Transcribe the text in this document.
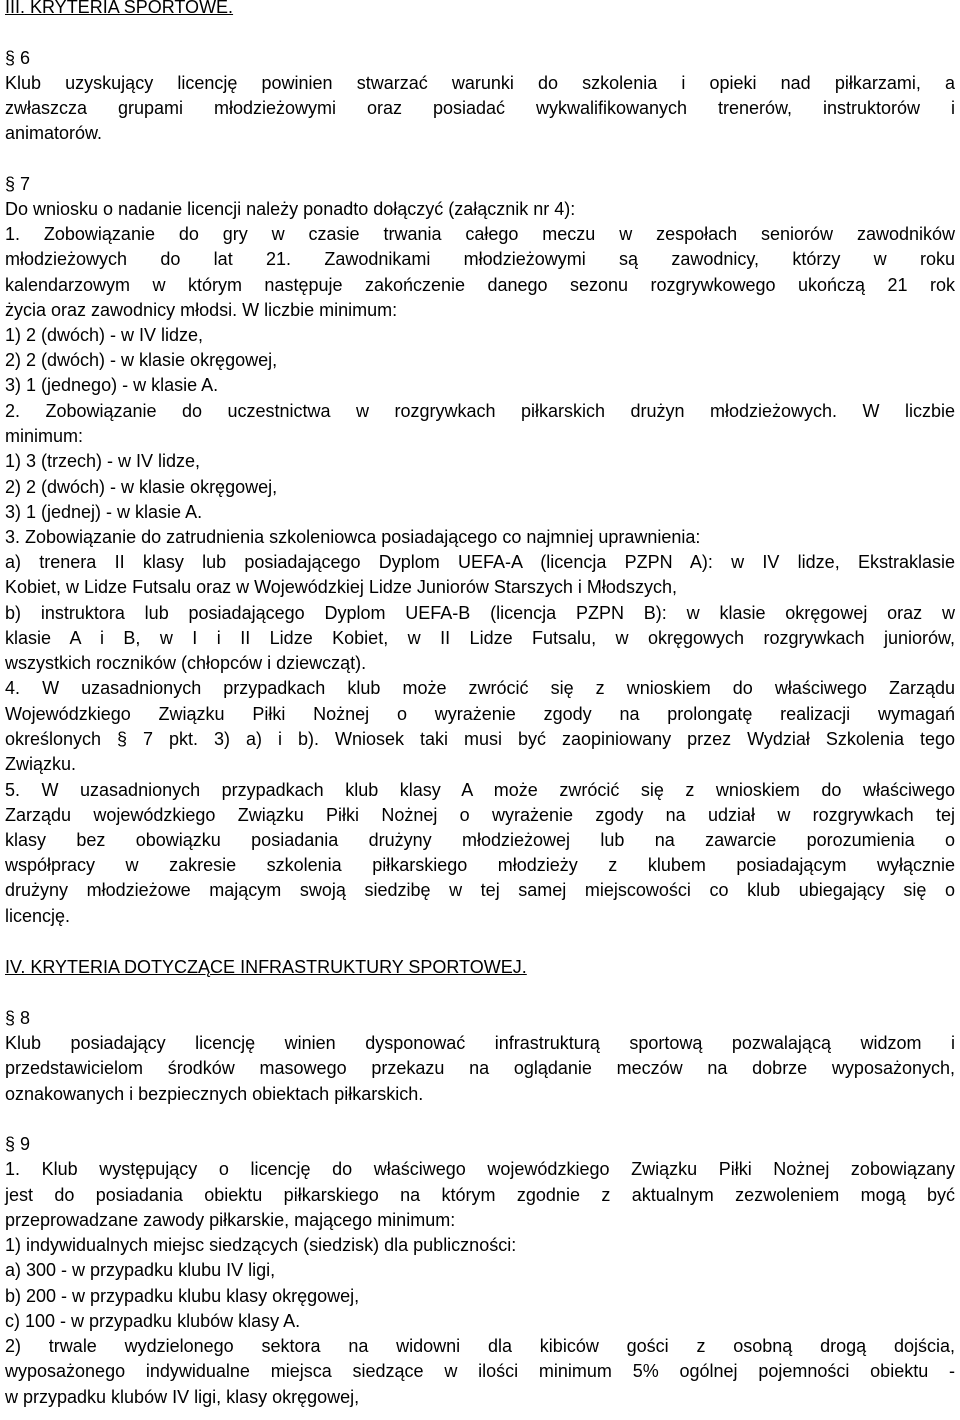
III. KRYTERIA SPORTOWE.
§ 6
Klub uzyskujący licencję powinien stwarzać warunki do szkolenia i opieki nad piłkarzami, a
zwłaszcza grupami młodzieżowymi oraz posiadać wykwalifikowanych trenerów, instruktorów i
animatorów.
§ 7
Do wniosku o nadanie licencji należy ponadto dołączyć (załącznik nr 4):
1. Zobowiązanie do gry w czasie trwania całego meczu w zespołach seniorów zawodników
młodzieżowych do lat 21. Zawodnikami młodzieżowymi są zawodnicy, którzy w roku
kalendarzowym w którym następuje zakończenie danego sezonu rozgrywkowego ukończą 21 rok
życia oraz zawodnicy młodsi. W liczbie minimum:
1) 2 (dwóch) - w IV lidze,
2) 2 (dwóch) - w klasie okręgowej,
3) 1 (jednego) - w klasie A.
2. Zobowiązanie do uczestnictwa w rozgrywkach piłkarskich drużyn młodzieżowych. W liczbie
minimum:
1) 3 (trzech) - w IV lidze,
2) 2 (dwóch) - w klasie okręgowej,
3) 1 (jednej) - w klasie A.
3. Zobowiązanie do zatrudnienia szkoleniowca posiadającego co najmniej uprawnienia:
a) trenera II klasy lub posiadającego Dyplom UEFA-A (licencja PZPN A): w IV lidze, Ekstraklasie
Kobiet, w Lidze Futsalu oraz w Wojewódzkiej Lidze Juniorów Starszych i Młodszych,
b) instruktora lub posiadającego Dyplom UEFA-B (licencja PZPN B): w klasie okręgowej oraz w
klasie A i B, w I i II Lidze Kobiet, w II Lidze Futsalu, w okręgowych rozgrywkach juniorów,
wszystkich roczników (chłopców i dziewcząt).
4. W uzasadnionych przypadkach klub może zwrócić się z wnioskiem do właściwego Zarządu
Wojewódzkiego Związku Piłki Nożnej o wyrażenie zgody na prolongatę realizacji wymagań
określonych § 7 pkt. 3) a) i b). Wniosek taki musi być zaopiniowany przez Wydział Szkolenia tego
Związku.
5. W uzasadnionych przypadkach klub klasy A może zwrócić się z wnioskiem do właściwego
Zarządu wojewódzkiego Związku Piłki Nożnej o wyrażenie zgody na udział w rozgrywkach tej
klasy bez obowiązku posiadania drużyny młodzieżowej lub na zawarcie porozumienia o
współpracy w zakresie szkolenia piłkarskiego młodzieży z klubem posiadającym wyłącznie
drużyny młodzieżowe mającym swoją siedzibę w tej samej miejscowości co klub ubiegający się o
licencję.
IV. KRYTERIA DOTYCZĄCE INFRASTRUKTURY SPORTOWEJ.
§ 8
Klub posiadający licencję winien dysponować infrastrukturą sportową pozwalającą widzom i
przedstawicielom środków masowego przekazu na oglądanie meczów na dobrze wyposażonych,
oznakowanych i bezpiecznych obiektach piłkarskich.
§ 9
1. Klub występujący o licencję do właściwego wojewódzkiego Związku Piłki Nożnej zobowiązany
jest do posiadania obiektu piłkarskiego na którym zgodnie z aktualnym zezwoleniem mogą być
przeprowadzane zawody piłkarskie, mającego minimum:
1) indywidualnych miejsc siedzących (siedzisk) dla publiczności:
a) 300 - w przypadku klubu IV ligi,
b) 200 - w przypadku klubu klasy okręgowej,
c) 100 - w przypadku klubów klasy A.
2) trwale wydzielonego sektora na widowni dla kibiców gości z osobną drogą dojścia,
wyposażonego indywidualne miejsca siedzące w ilości minimum 5% ogólnej pojemności obiektu -
w przypadku klubów IV ligi, klasy okręgowej,
